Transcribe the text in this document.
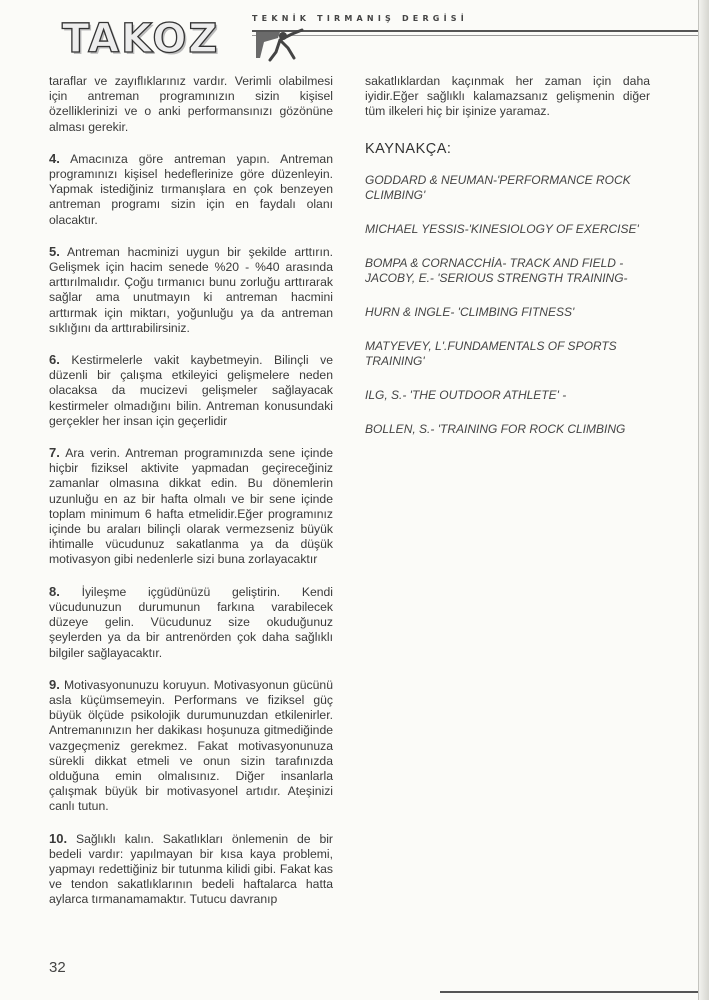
TAKOZ	TEKNİK TIRMANIŞ DERGİSİ

taraflar ve zayıflıklarınız vardır. Verimli olabilmesi için antreman programınızın sizin kişisel özelliklerinizi ve o anki performansınızı gözönüne alması gerekir.

4. Amacınıza göre antreman yapın. Antreman programınızı kişisel hedeflerinize göre düzenleyin. Yapmak istediğiniz tırmanışlara en çok benzeyen antreman programı sizin için en faydalı olanı olacaktır.

5. Antreman hacminizi uygun bir şekilde arttırın. Gelişmek için hacim senede %20 - %40 arasında arttırılmalıdır. Çoğu tırmanıcı bunu zorluğu arttırarak sağlar ama unutmayın ki antreman hacmini arttırmak için miktarı, yoğunluğu ya da antreman sıklığını da arttırabilirsiniz.

6. Kestirmelerle vakit kaybetmeyin. Bilinçli ve düzenli bir çalışma etkileyici gelişmelere neden olacaksa da mucizevi gelişmeler sağlayacak kestirmeler olmadığını bilin. Antreman konusundaki gerçekler her insan için geçerlidir

7. Ara verin. Antreman programınızda sene içinde hiçbir fiziksel aktivite yapmadan geçireceğiniz zamanlar olmasına dikkat edin. Bu dönemlerin uzunluğu en az bir hafta olmalı ve bir sene içinde toplam minimum 6 hafta etmelidir.Eğer programınız içinde bu araları bilinçli olarak vermezseniz büyük ihtimalle vücudunuz sakatlanma ya da düşük motivasyon gibi nedenlerle sizi buna zorlayacaktır

8. İyileşme içgüdünüzü geliştirin. Kendi vücudunuzun durumunun farkına varabilecek düzeye gelin. Vücudunuz size okuduğunuz şeylerden ya da bir antrenörden çok daha sağlıklı bilgiler sağlayacaktır.

9. Motivasyonunuzu koruyun. Motivasyonun gücünü asla küçümsemeyin. Performans ve fiziksel güç büyük ölçüde psikolojik durumunuzdan etkilenirler. Antremanınızın her dakikası hoşunuza gitmediğinde vazgeçmeniz gerekmez. Fakat motivasyonunuza sürekli dikkat etmeli ve onun sizin tarafınızda olduğuna emin olmalısınız. Diğer insanlarla çalışmak büyük bir motivasyonel artıdır. Ateşinizi canlı tutun.

10. Sağlıklı kalın. Sakatlıkları önlemenin de bir bedeli vardır: yapılmayan bir kısa kaya problemi, yapmayı redettiğiniz bir tutunma kilidi gibi. Fakat kas ve tendon sakatlıklarının bedeli haftalarca hatta aylarca tırmanamamaktır. Tutucu davranıp

sakatlıklardan kaçınmak her zaman için daha iyidir.Eğer sağlıklı kalamazsanız gelişmenin diğer tüm ilkeleri hiç bir işinize yaramaz.

KAYNAKÇA:
GODDARD & NEUMAN-'PERFORMANCE ROCK CLIMBING'
MICHAEL YESSIS-'KINESIOLOGY OF EXERCISE'
BOMPA & CORNACCHİA- TRACK AND FIELD - JACOBY, E.- 'SERIOUS STRENGTH TRAINING-
HURN & INGLE- 'CLIMBING FITNESS'
MATYEVEY, L'.FUNDAMENTALS OF SPORTS TRAINING'
ILG, S.- 'THE OUTDOOR ATHLETE' -
BOLLEN, S.- 'TRAINING FOR ROCK CLIMBING
32
